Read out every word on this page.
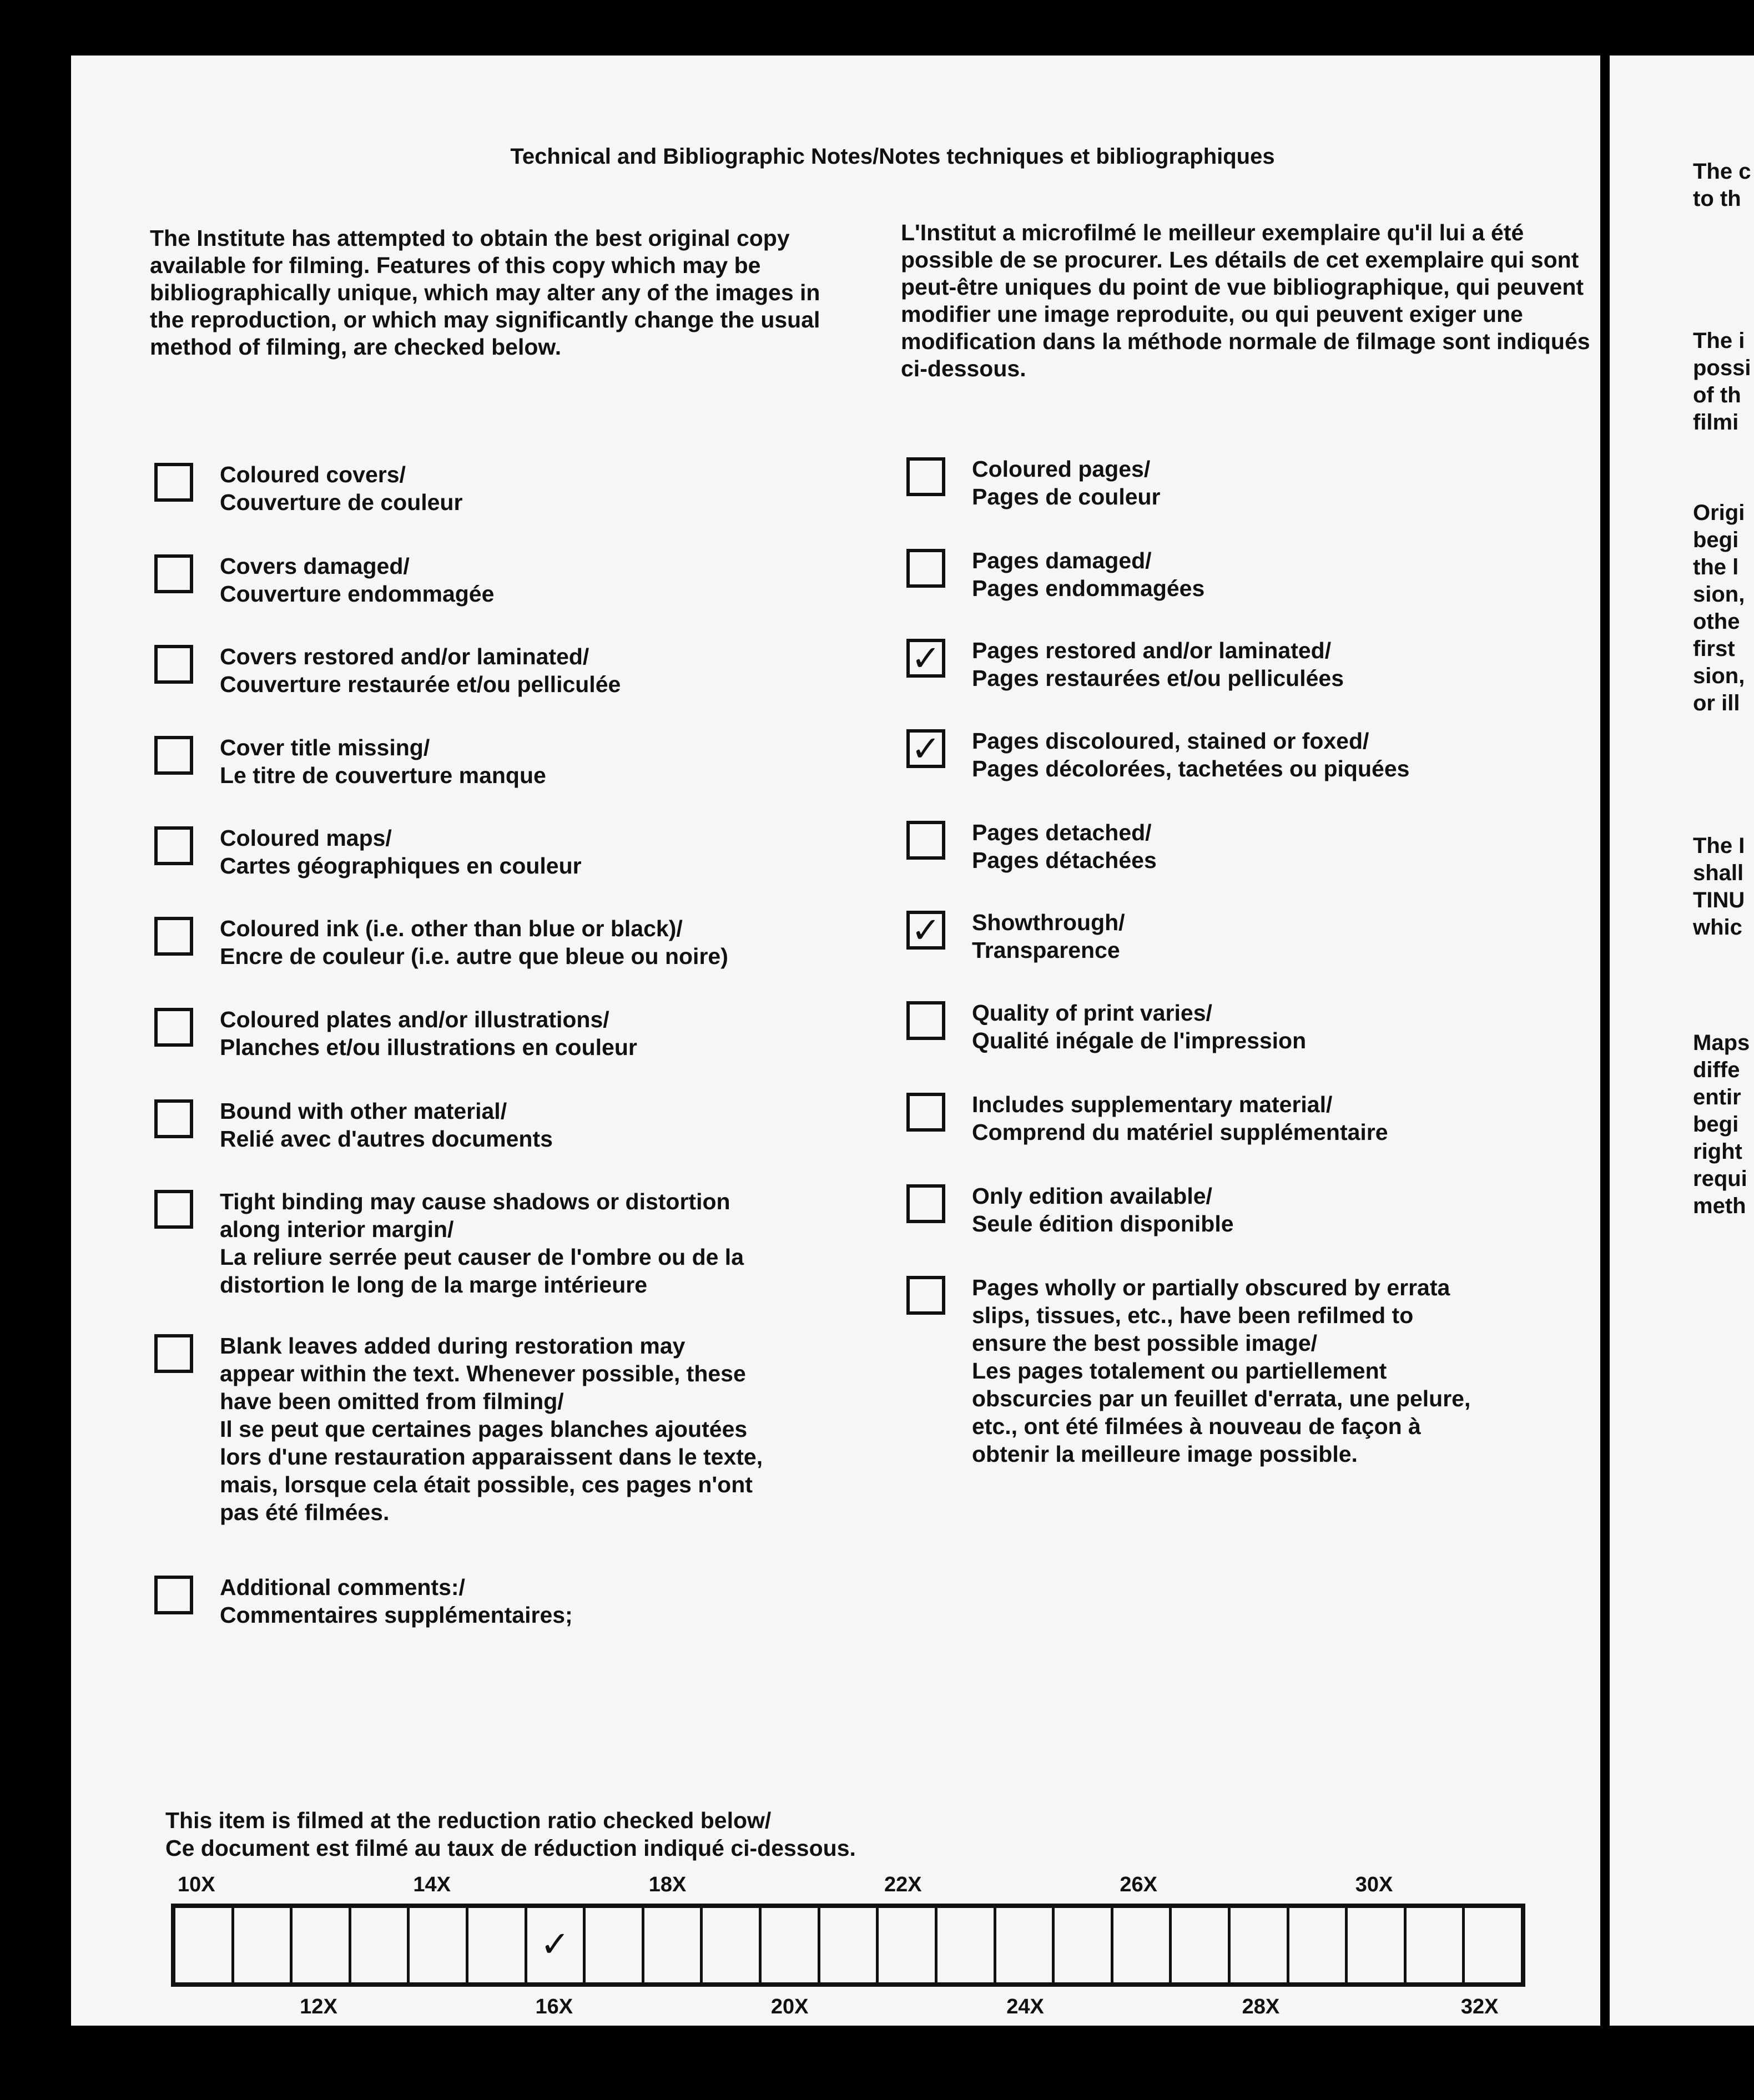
Technical and Bibliographic Notes/Notes techniques et bibliographiques
The Institute has attempted to obtain the best original copy available for filming. Features of this copy which may be bibliographically unique, which may alter any of the images in the reproduction, or which may significantly change the usual method of filming, are checked below.
L'Institut a microfilmé le meilleur exemplaire qu'il lui a été possible de se procurer. Les détails de cet exemplaire qui sont peut-être uniques du point de vue bibliographique, qui peuvent modifier une image reproduite, ou qui peuvent exiger une modification dans la méthode normale de filmage sont indiqués ci-dessous.
Coloured covers/
Couverture de couleur
Covers damaged/
Couverture endommagée
Covers restored and/or laminated/
Couverture restaurée et/ou pelliculée
Cover title missing/
Le titre de couverture manque
Coloured maps/
Cartes géographiques en couleur
Coloured ink (i.e. other than blue or black)/
Encre de couleur (i.e. autre que bleue ou noire)
Coloured plates and/or illustrations/
Planches et/ou illustrations en couleur
Bound with other material/
Relié avec d'autres documents
Tight binding may cause shadows or distortion
along interior margin/
La reliure serrée peut causer de l'ombre ou de la
distortion le long de la marge intérieure
Blank leaves added during restoration may
appear within the text. Whenever possible, these
have been omitted from filming/
Il se peut que certaines pages blanches ajoutées
lors d'une restauration apparaissent dans le texte,
mais, lorsque cela était possible, ces pages n'ont
pas été filmées.
Additional comments:/
Commentaires supplémentaires;
Coloured pages/
Pages de couleur
Pages damaged/
Pages endommagées
✓ Pages restored and/or laminated/
Pages restaurées et/ou pelliculées
✓ Pages discoloured, stained or foxed/
Pages décolorées, tachetées ou piquées
Pages detached/
Pages détachées
✓ Showthrough/
Transparence
Quality of print varies/
Qualité inégale de l'impression
Includes supplementary material/
Comprend du matériel supplémentaire
Only edition available/
Seule édition disponible
Pages wholly or partially obscured by errata
slips, tissues, etc., have been refilmed to
ensure the best possible image/
Les pages totalement ou partiellement
obscurcies par un feuillet d'errata, une pelure,
etc., ont été filmées à nouveau de façon à
obtenir la meilleure image possible.
This item is filmed at the reduction ratio checked below/
Ce document est filmé au taux de réduction indiqué ci-dessous.
10X	14X	18X	22X	26X	30X
12X	16X	20X	24X	28X	32X
✓
The c
to th
The i
possi
of th
filmi
Origi
begi
the l
sion,
othe
first
sion,
or ill
The I
shall
TINU
whic
Maps
diffe
entir
begi
right
requi
meth
